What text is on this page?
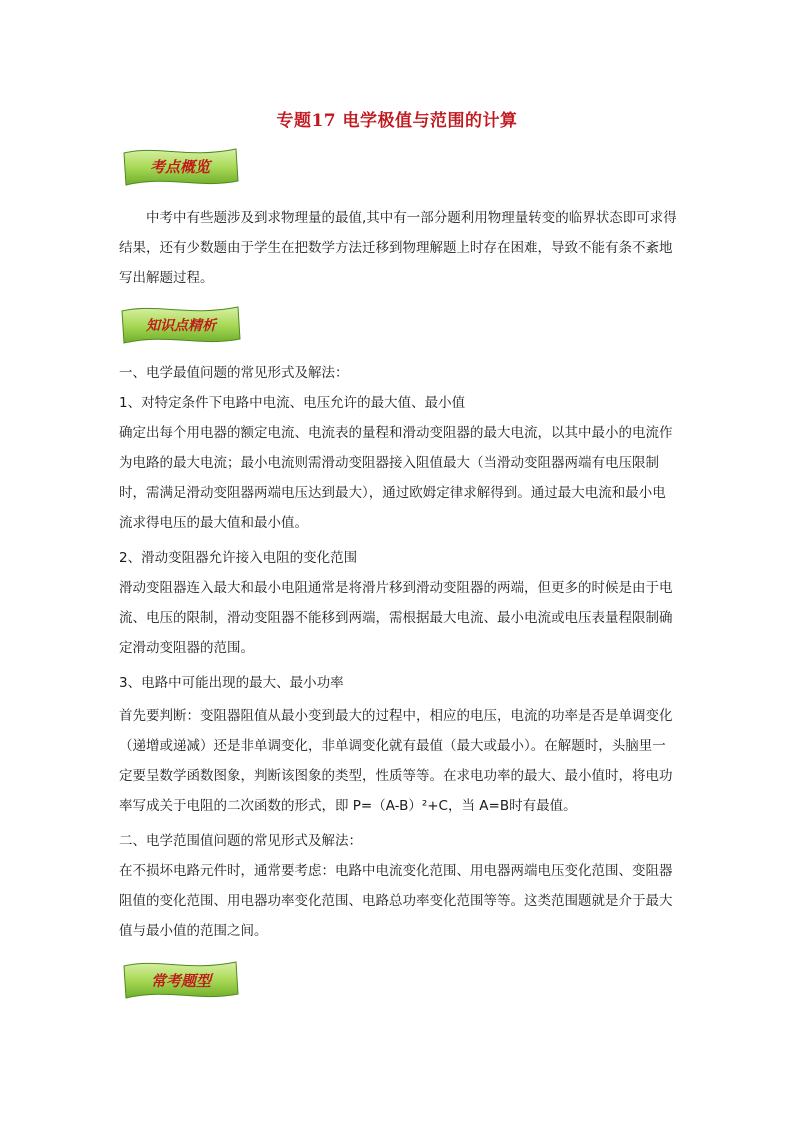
专题17 电学极值与范围的计算
考点概览

中考中有些题涉及到求物理量的最值,其中有一部分题利用物理量转变的临界状态即可求得结果，还有少数题由于学生在把数学方法迁移到物理解题上时存在困难，导致不能有条不紊地写出解题过程。

知识点精析
一、电学最值问题的常见形式及解法：
1、对特定条件下电路中电流、电压允许的最大值、最小值

确定出每个用电器的额定电流、电流表的量程和滑动变阻器的最大电流，以其中最小的电流作为电路的最大电流；最小电流则需滑动变阻器接入阻值最大（当滑动变阻器两端有电压限制时，需满足滑动变阻器两端电压达到最大），通过欧姆定律求解得到。通过最大电流和最小电流求得电压的最大值和最小值。

2、滑动变阻器允许接入电阻的变化范围

滑动变阻器连入最大和最小电阻通常是将滑片移到滑动变阻器的两端，但更多的时候是由于电流、电压的限制，滑动变阻器不能移到两端，需根据最大电流、最小电流或电压表量程限制确定滑动变阻器的范围。

3、电路中可能出现的最大、最小功率

首先要判断：变阻器阻值从最小变到最大的过程中，相应的电压，电流的功率是否是单调变化（递增或递减）还是非单调变化，非单调变化就有最值（最大或最小）。在解题时，头脑里一定要呈数学函数图象，判断该图象的类型，性质等等。在求电功率的最大、最小值时，将电功率写成关于电阻的二次函数的形式，即 P=（A-B）²+C，当 A=B时有最值。

二、电学范围值问题的常见形式及解法：

在不损坏电路元件时，通常要考虑：电路中电流变化范围、用电器两端电压变化范围、变阻器阻值的变化范围、用电器功率变化范围、电路总功率变化范围等等。这类范围题就是介于最大值与最小值的范围之间。

常考题型
